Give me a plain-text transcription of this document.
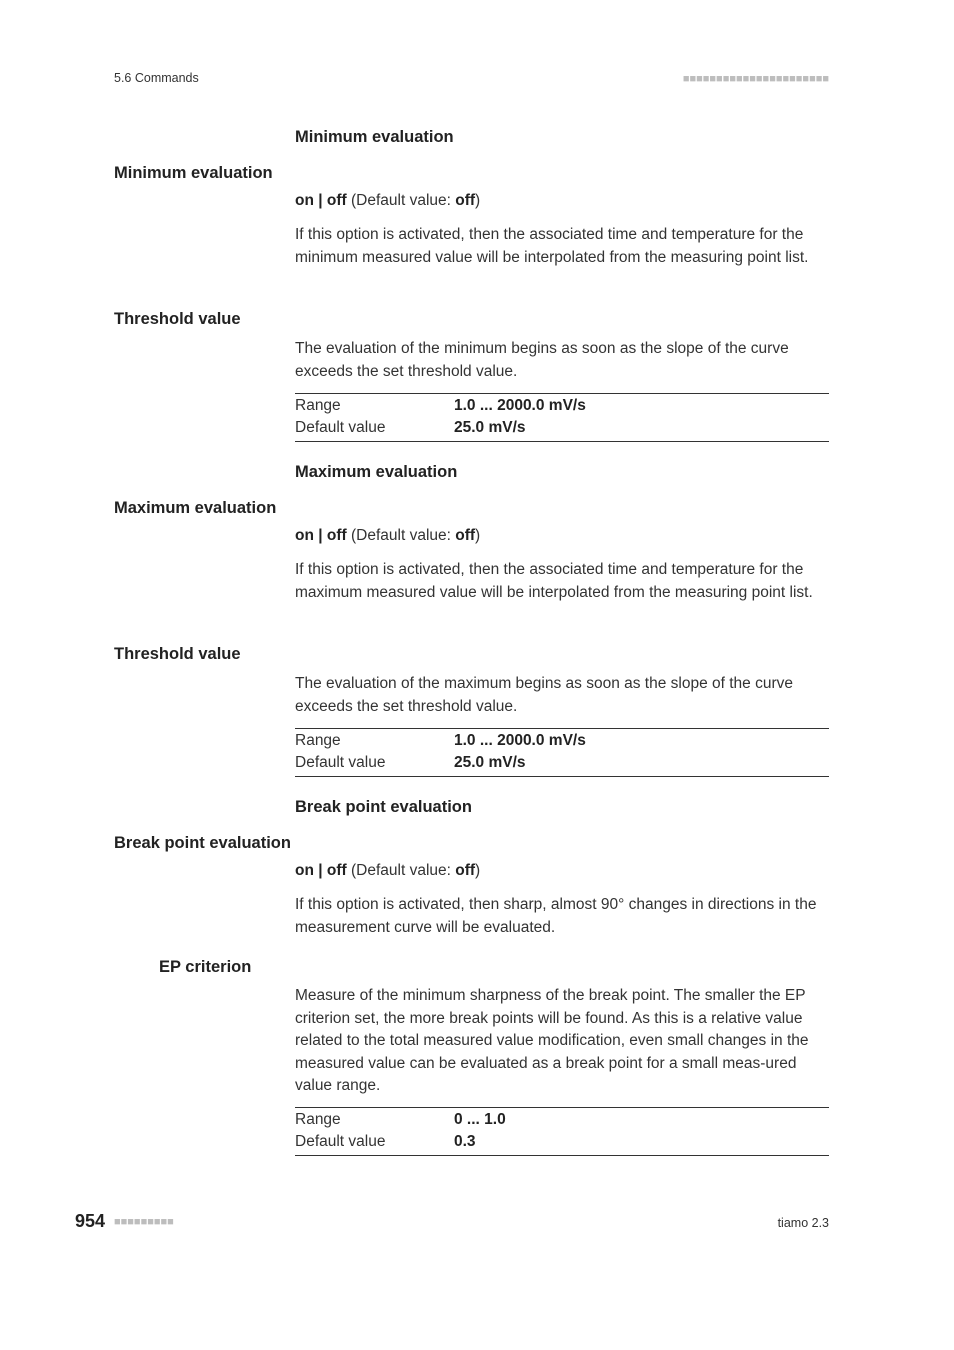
5.6 Commands	■■■■■■■■■■■■■■■■■■■■■■
Minimum evaluation
Minimum evaluation
on | off (Default value: off)
If this option is activated, then the associated time and temperature for the minimum measured value will be interpolated from the measuring point list.
Threshold value
The evaluation of the minimum begins as soon as the slope of the curve exceeds the set threshold value.
Range	1.0 ... 2000.0 mV/s
Default value	25.0 mV/s
Maximum evaluation
Maximum evaluation
on | off (Default value: off)
If this option is activated, then the associated time and temperature for the maximum measured value will be interpolated from the measuring point list.
Threshold value
The evaluation of the maximum begins as soon as the slope of the curve exceeds the set threshold value.
Range	1.0 ... 2000.0 mV/s
Default value	25.0 mV/s
Break point evaluation
Break point evaluation
on | off (Default value: off)
If this option is activated, then sharp, almost 90° changes in directions in the measurement curve will be evaluated.
EP criterion
Measure of the minimum sharpness of the break point. The smaller the EP criterion set, the more break points will be found. As this is a relative value related to the total measured value modification, even small changes in the measured value can be evaluated as a break point for a small meas-ured value range.
Range	0 ... 1.0
Default value	0.3
954 ■■■■■■■■■	tiamo 2.3
